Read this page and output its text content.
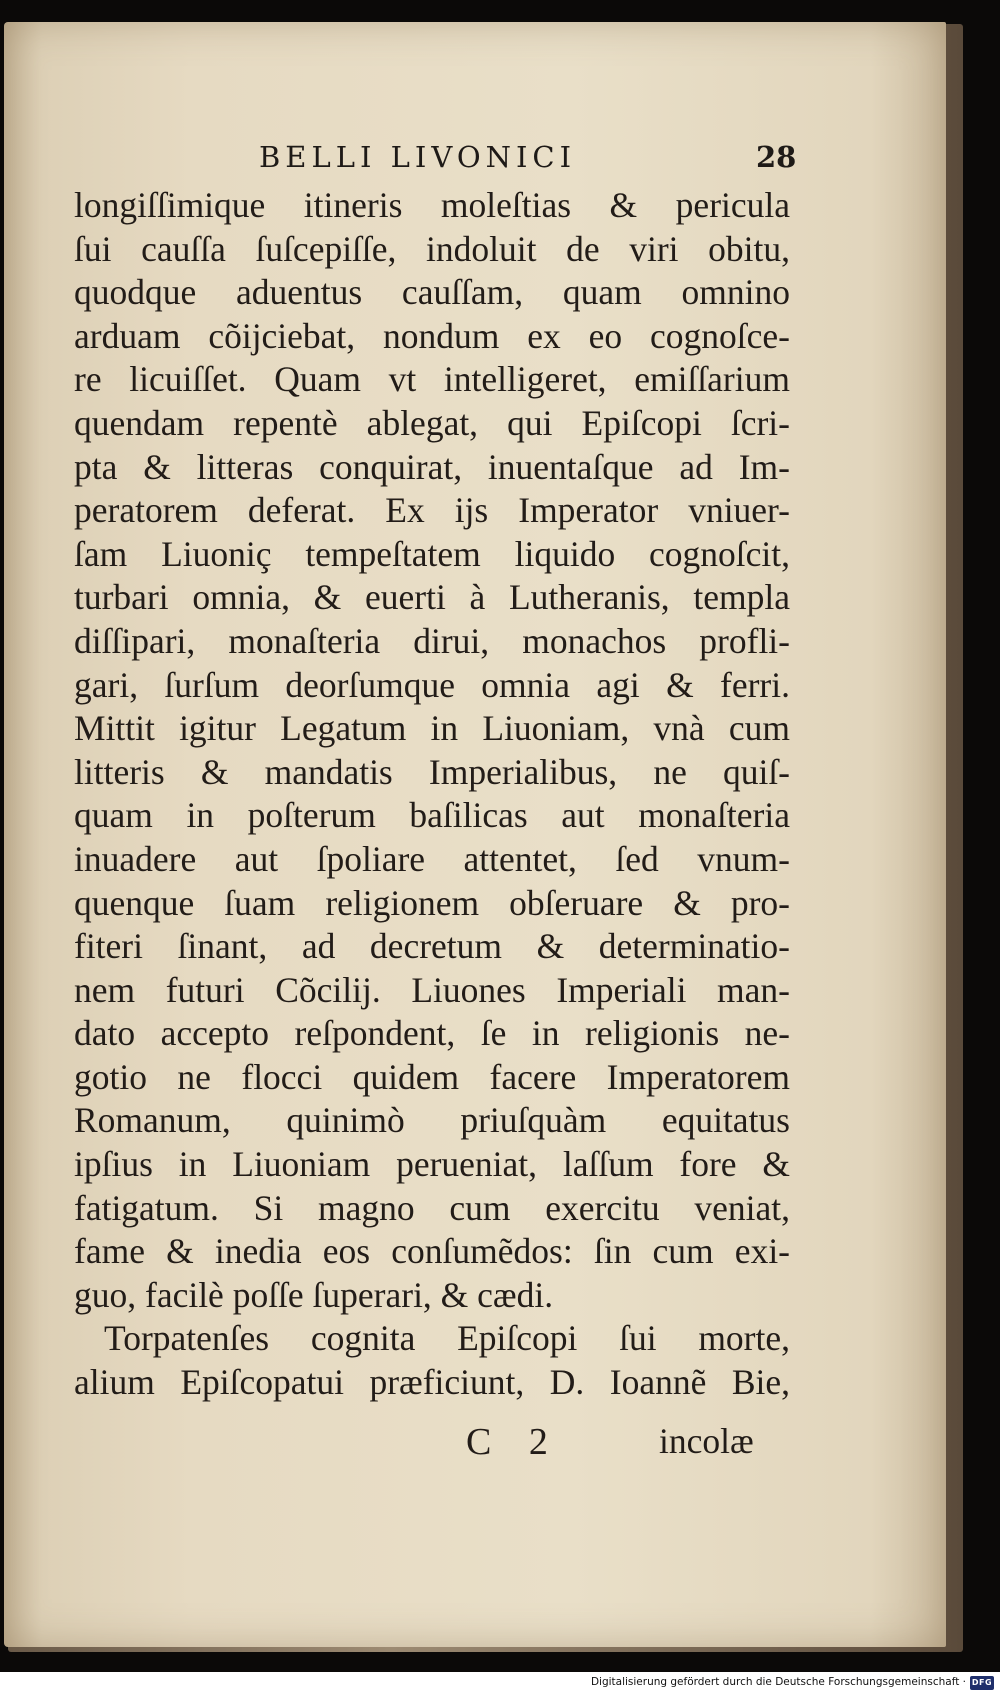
BELLI LIVONICI	28
longiſſimique itineris moleſtias & pericula
ſui cauſſa ſuſcepiſſe, indoluit de viri obitu,
quodque aduentus cauſſam, quam omnino
arduam cõijciebat, nondum ex eo cognoſce-
re licuiſſet. Quam vt intelligeret, emiſſarium
quendam repentè ablegat, qui Epiſcopi ſcri-
pta & litteras conquirat, inuentaſque ad Im-
peratorem deferat. Ex ijs Imperator vniuer-
ſam Liuoniç tempeſtatem liquido cognoſcit,
turbari omnia, & euerti à Lutheranis, templa
diſſipari, monaſteria dirui, monachos profli-
gari, ſurſum deorſumque omnia agi & ferri.
Mittit igitur Legatum in Liuoniam, vnà cum
litteris & mandatis Imperialibus, ne quiſ-
quam in poſterum baſilicas aut monaſteria
inuadere aut ſpoliare attentet, ſed vnum-
quenque ſuam religionem obſeruare & pro-
fiteri ſinant, ad decretum & determinatio-
nem futuri Cõcilij. Liuones Imperiali man-
dato accepto reſpondent, ſe in religionis ne-
gotio ne flocci quidem facere Imperatorem
Romanum, quinimò priuſquàm equitatus
ipſius in Liuoniam perueniat, laſſum fore &
fatigatum. Si magno cum exercitu veniat,
fame & inedia eos conſumẽdos: ſin cum exi-
guo, facilè poſſe ſuperari, & cædi.
Torpatenſes cognita Epiſcopi ſui morte,
alium Epiſcopatui præficiunt, D. Ioannẽ Bie,
C 2	incolæ
Digitalisierung gefördert durch die Deutsche Forschungsgemeinschaft · DFG
